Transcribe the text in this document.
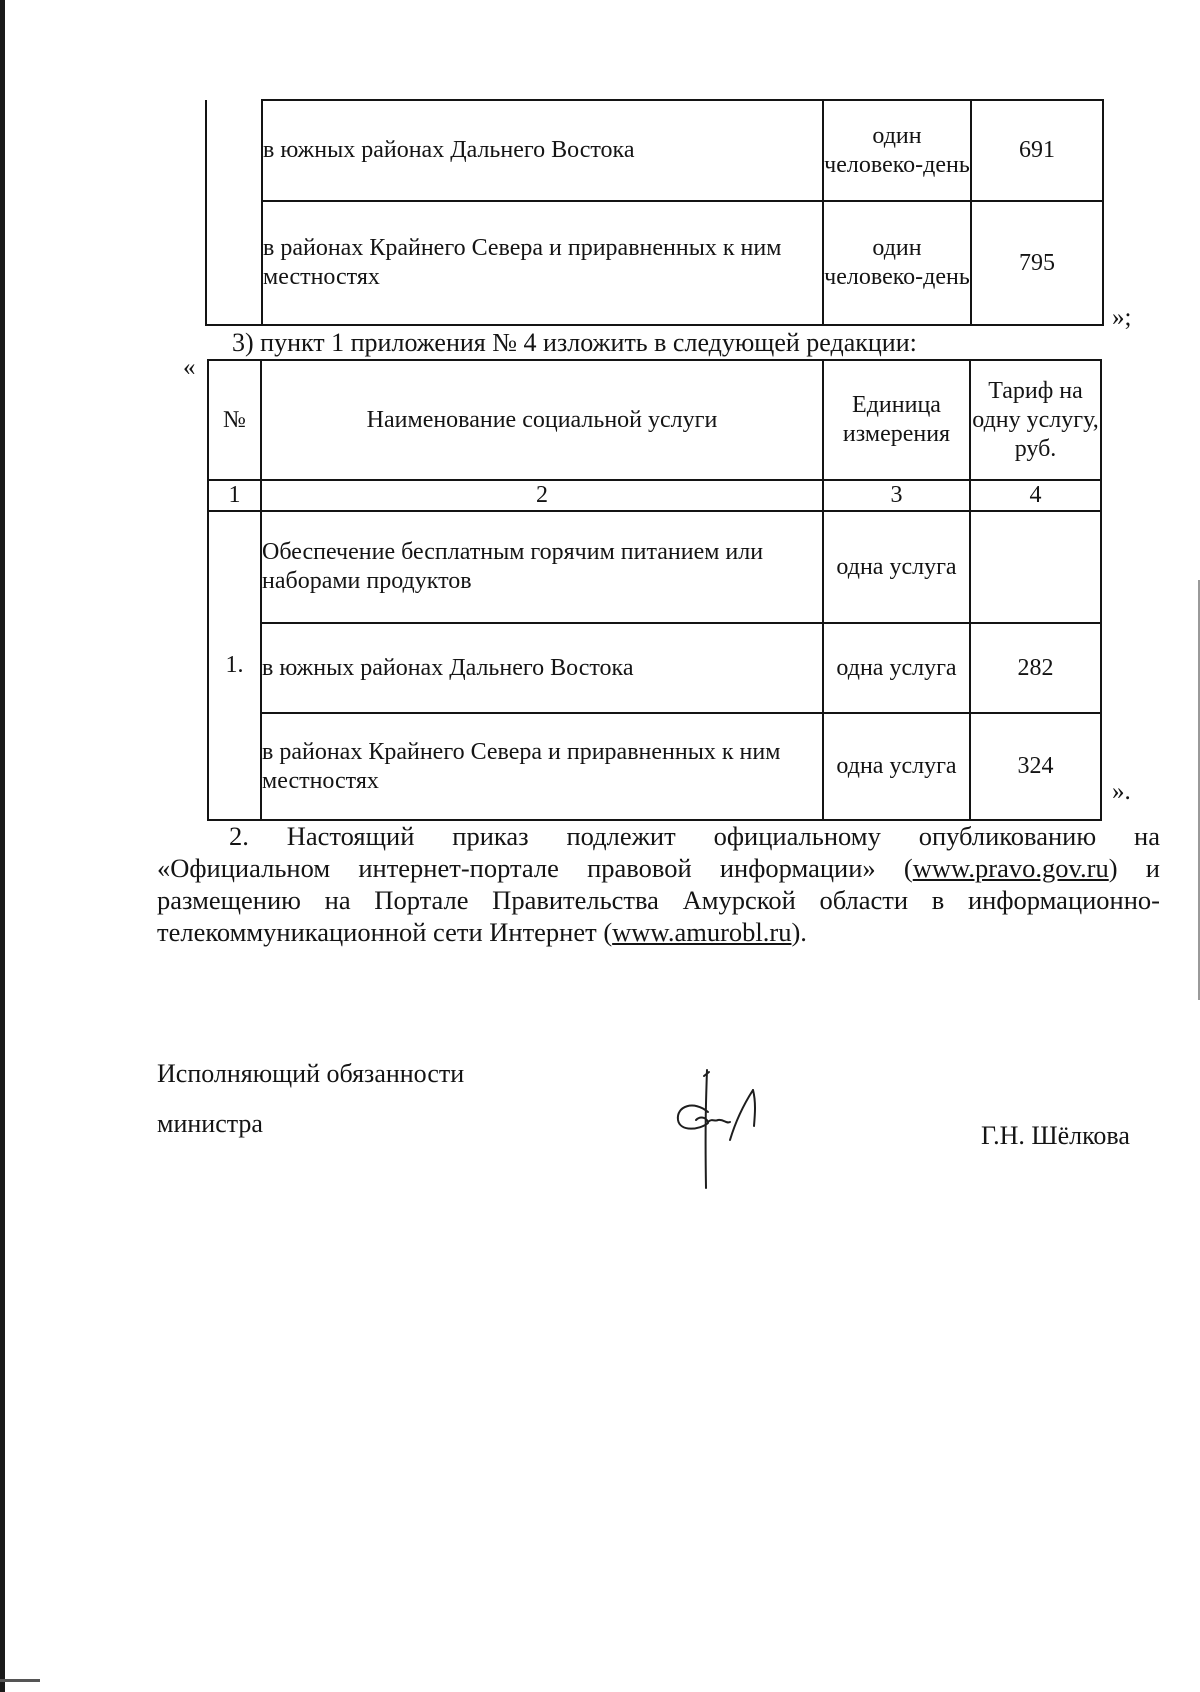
	в южных районах Дальнего Востока	один человеко-день	691
	в районах Крайнего Севера и приравненных к ним местностях	один человеко-день	795
»;
3) пункт 1 приложения № 4 изложить в следующей редакции:
«
№	Наименование социальной услуги	Единица измерения	Тариф на одну услугу, руб.
1	2	3	4
1.	Обеспечение бесплатным горячим питанием или наборами продуктов	одна услуга	
	в южных районах Дальнего Востока	одна услуга	282
	в районах Крайнего Севера и приравненных к ним местностях	одна услуга	324
».

2. Настоящий приказ подлежит официальному опубликованию на

«Официальном интернет-портале правовой информации» (www.pravo.gov.ru) и

размещению на Портале Правительства Амурской области в информационно-

телекоммуникационной сети Интернет (www.amurobl.ru).

Исполняющий обязанности
министра	Г.Н. Шёлкова
